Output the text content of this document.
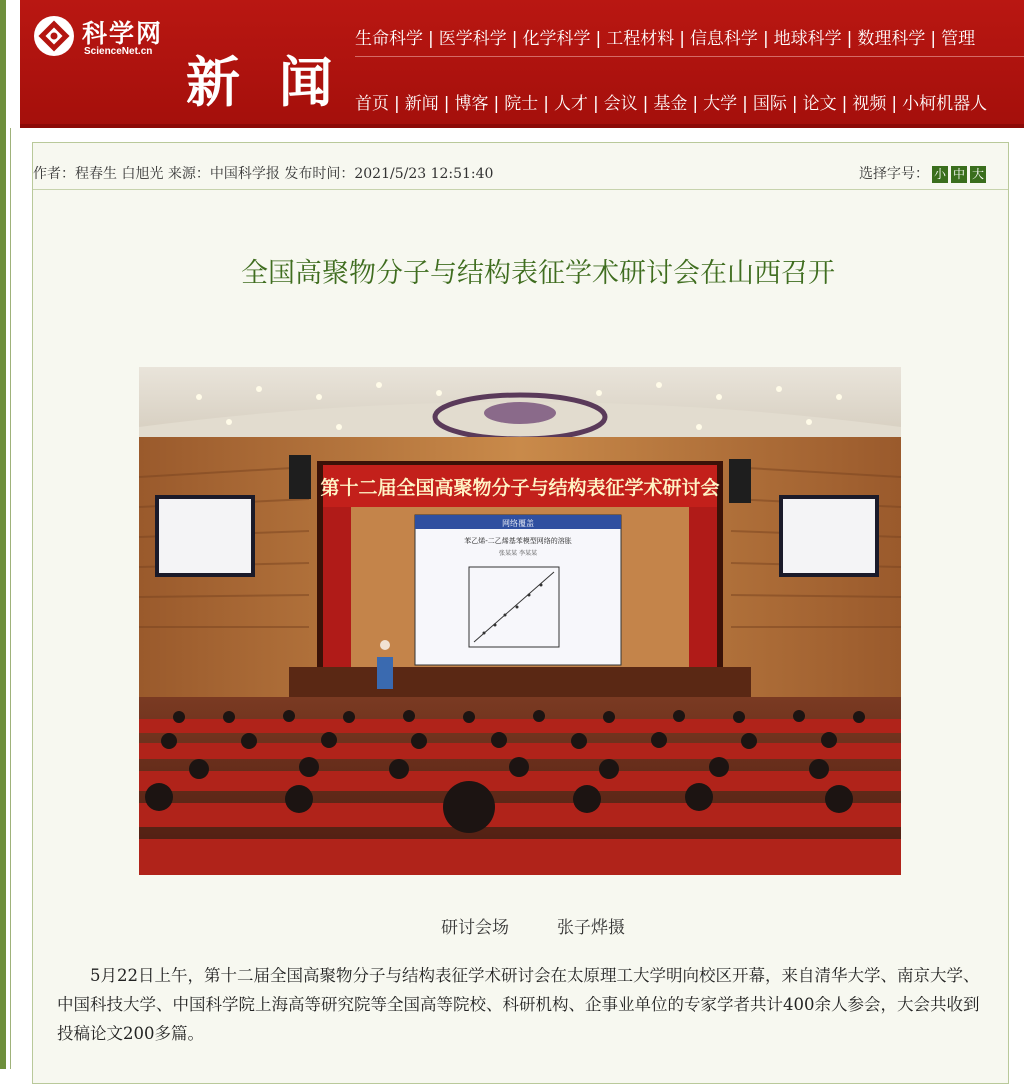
科学网
ScienceNet.cn 新 闻
生命科学 | 医学科学 | 化学科学 | 工程材料 | 信息科学 | 地球科学 | 数理科学 | 管理
首页 | 新闻 | 博客 | 院士 | 人才 | 会议 | 基金 | 大学 | 国际 | 论文 | 视频 | 小柯机器人
作者：程春生 白旭光 来源：中国科学报 发布时间：2021/5/23 12:51:40	选择字号： 小 中 大
全国高聚物分子与结构表征学术研讨会在山西召开
第十二届全国高聚物分子与结构表征学术研讨会
网络覆盖
苯乙烯-二乙烯基苯模型网络的溶胀
张某某 李某某
研讨会场	张子烨摄
5月22日上午，第十二届全国高聚物分子与结构表征学术研讨会在太原理工大学明向校区开幕，来自清华大学、南京大学、中国科技大学、中国科学院上海高等研究院等全国高等院校、科研机构、企事业单位的专家学者共计400余人参会，大会共收到投稿论文200多篇。
